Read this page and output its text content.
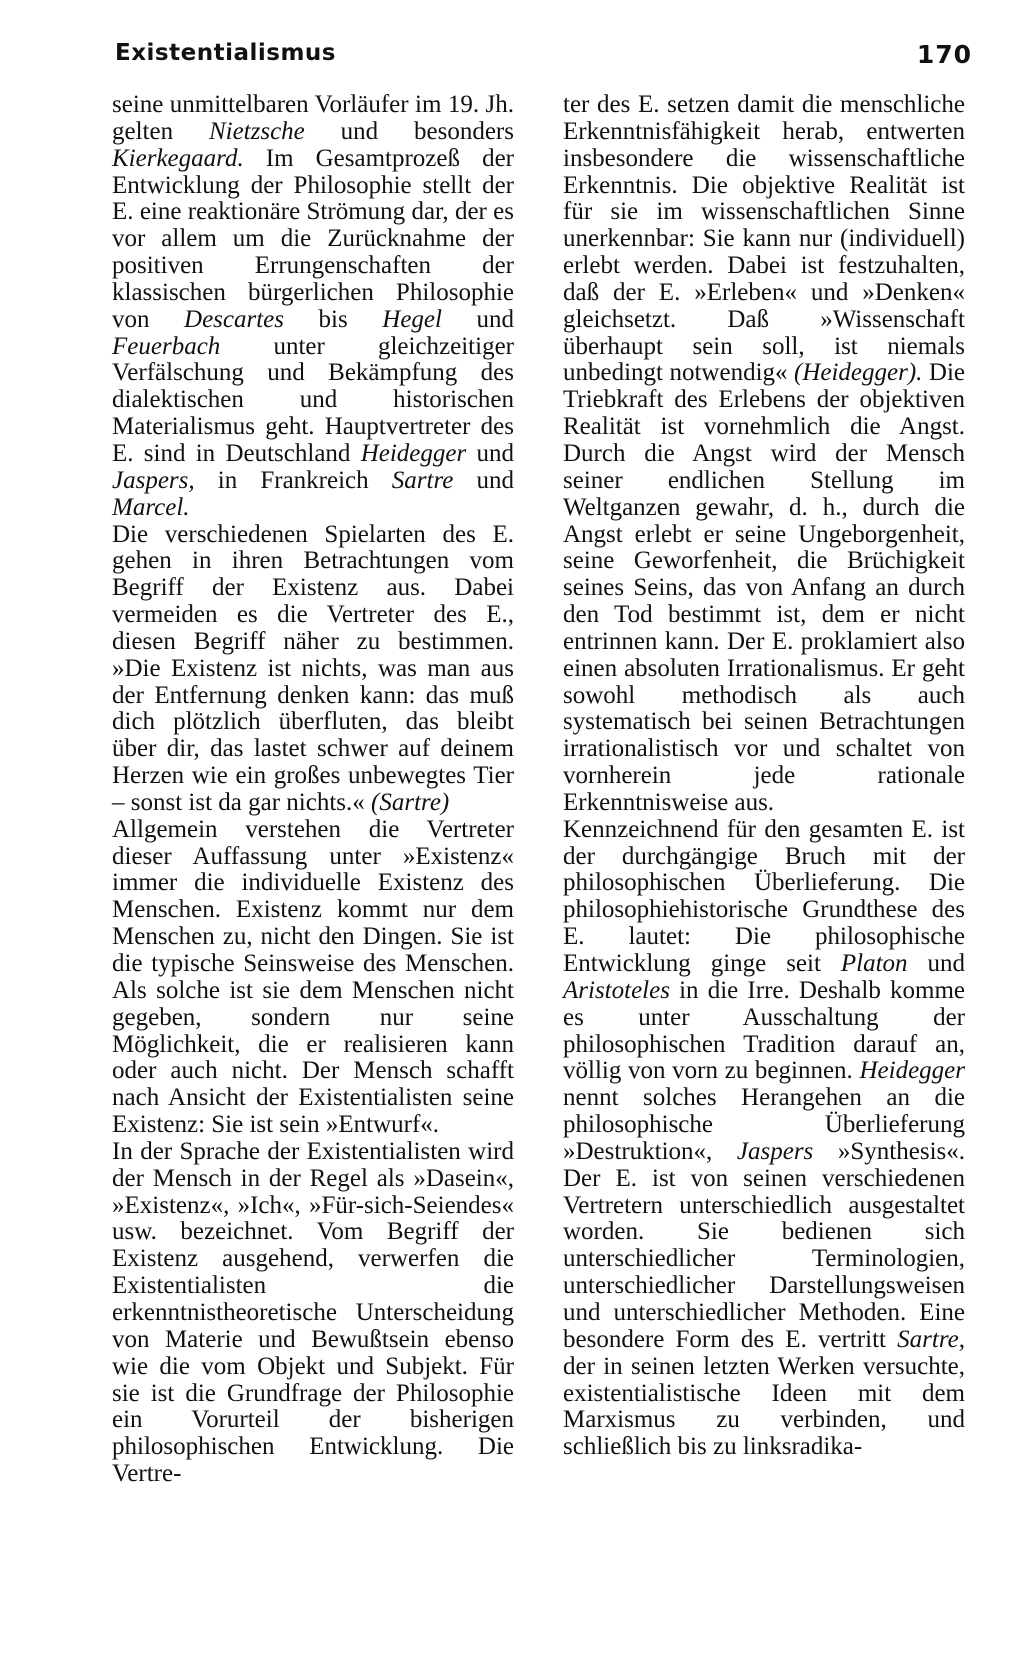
Existentialismus	170

seine unmittelbaren Vorläufer im 19. Jh. gelten Nietzsche und besonders Kierkegaard. Im Gesamtprozeß der Entwicklung der Philosophie stellt der E. eine reaktionäre Strömung dar, der es vor allem um die Zurücknahme der positiven Errungenschaften der klassischen bürgerlichen Philosophie von Descartes bis Hegel und Feuerbach unter gleichzeitiger Verfälschung und Bekämpfung des dialektischen und historischen Materialismus geht. Hauptvertreter des E. sind in Deutschland Heidegger und Jaspers, in Frankreich Sartre und Marcel.

Die verschiedenen Spielarten des E. gehen in ihren Betrachtungen vom Begriff der Existenz aus. Dabei vermeiden es die Vertreter des E., diesen Begriff näher zu bestimmen. »Die Existenz ist nichts, was man aus der Entfernung denken kann: das muß dich plötzlich überfluten, das bleibt über dir, das lastet schwer auf deinem Herzen wie ein großes unbewegtes Tier – sonst ist da gar nichts.« (Sartre)

Allgemein verstehen die Vertreter dieser Auffassung unter »Existenz« immer die individuelle Existenz des Menschen. Existenz kommt nur dem Menschen zu, nicht den Dingen. Sie ist die typische Seinsweise des Menschen. Als solche ist sie dem Menschen nicht gegeben, sondern nur seine Möglichkeit, die er realisieren kann oder auch nicht. Der Mensch schafft nach Ansicht der Existentialisten seine Existenz: Sie ist sein »Entwurf«.

In der Sprache der Existentialisten wird der Mensch in der Regel als »Dasein«, »Existenz«, »Ich«, »Für-sich-Seiendes« usw. bezeichnet. Vom Begriff der Existenz ausgehend, verwerfen die Existentialisten die erkenntnistheoretische Unterscheidung von Materie und Bewußtsein ebenso wie die vom Objekt und Subjekt. Für sie ist die Grundfrage der Philosophie ein Vorurteil der bisherigen philosophischen Entwicklung. Die Vertre-

ter des E. setzen damit die menschliche Erkenntnisfähigkeit herab, entwerten insbesondere die wissenschaftliche Erkenntnis. Die objektive Realität ist für sie im wissenschaftlichen Sinne unerkennbar: Sie kann nur (individuell) erlebt werden. Dabei ist festzuhalten, daß der E. »Erleben« und »Denken« gleichsetzt. Daß »Wissenschaft überhaupt sein soll, ist niemals unbedingt notwendig« (Heidegger). Die Triebkraft des Erlebens der objektiven Realität ist vornehmlich die Angst. Durch die Angst wird der Mensch seiner endlichen Stellung im Weltganzen gewahr, d. h., durch die Angst erlebt er seine Ungeborgenheit, seine Geworfenheit, die Brüchigkeit seines Seins, das von Anfang an durch den Tod bestimmt ist, dem er nicht entrinnen kann. Der E. proklamiert also einen absoluten Irrationalismus. Er geht sowohl methodisch als auch systematisch bei seinen Betrachtungen irrationalistisch vor und schaltet von vornherein jede rationale Erkenntnisweise aus.

Kennzeichnend für den gesamten E. ist der durchgängige Bruch mit der philosophischen Überlieferung. Die philosophiehistorische Grundthese des E. lautet: Die philosophische Entwicklung ginge seit Platon und Aristoteles in die Irre. Deshalb komme es unter Ausschaltung der philosophischen Tradition darauf an, völlig von vorn zu beginnen. Heidegger nennt solches Herangehen an die philosophische Überlieferung »Destruktion«, Jaspers »Synthesis«. Der E. ist von seinen verschiedenen Vertretern unterschiedlich ausgestaltet worden. Sie bedienen sich unterschiedlicher Terminologien, unterschiedlicher Darstellungsweisen und unterschiedlicher Methoden. Eine besondere Form des E. vertritt Sartre, der in seinen letzten Werken versuchte, existentialistische Ideen mit dem Marxismus zu verbinden, und schließlich bis zu linksradika-
